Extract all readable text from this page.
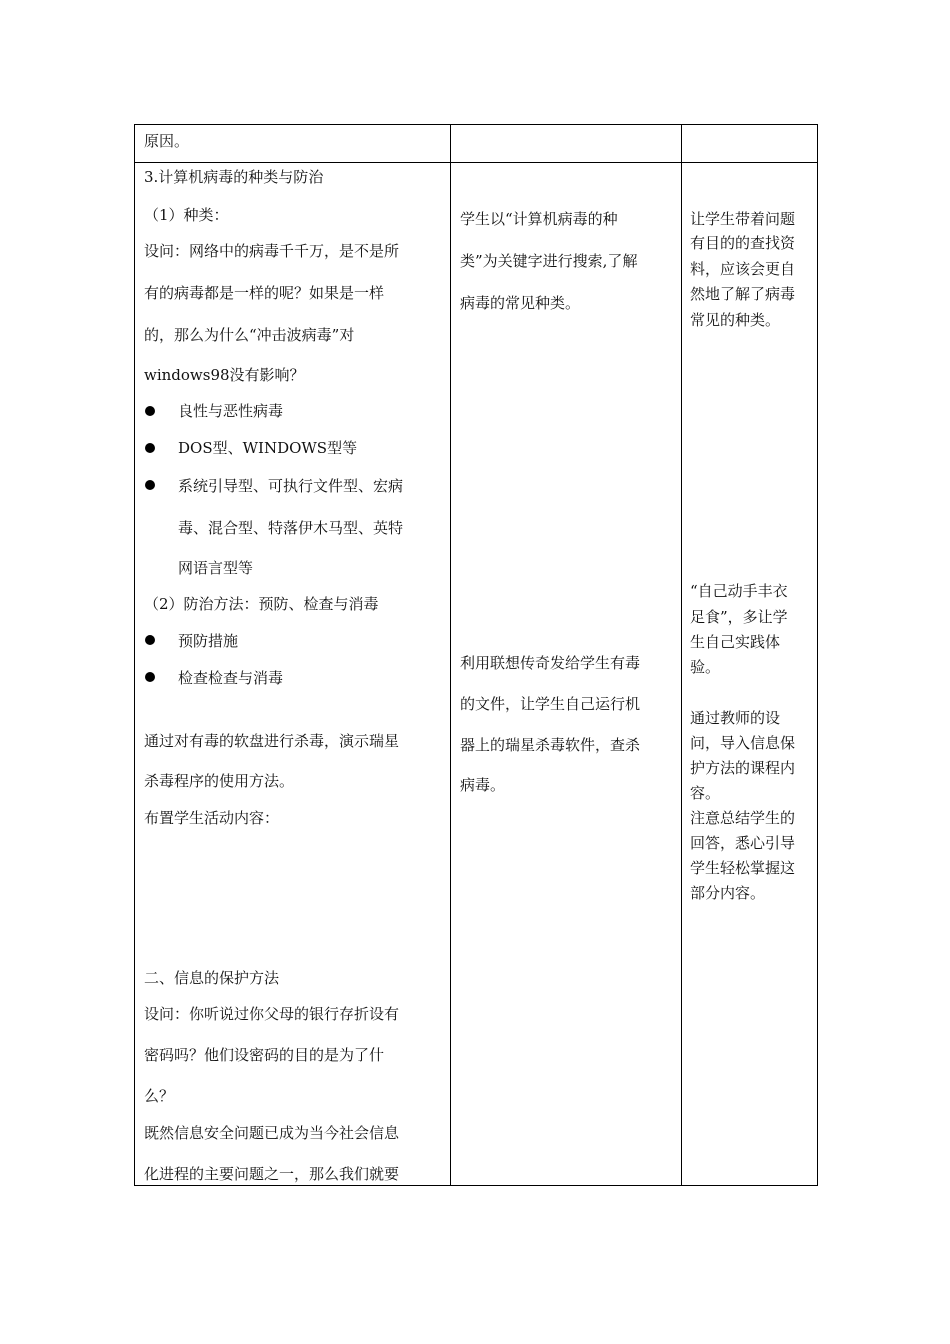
原因。
3.计算机病毒的种类与防治
（1）种类：
设问：网络中的病毒千千万，是不是所
有的病毒都是一样的呢？如果是一样
的，那么为什么“冲击波病毒”对
windows98没有影响？
良性与恶性病毒
DOS型、WINDOWS型等
系统引导型、可执行文件型、宏病
毒、混合型、特落伊木马型、英特
网语言型等
（2）防治方法：预防、检查与消毒
预防措施
检查检查与消毒
通过对有毒的软盘进行杀毒，演示瑞星
杀毒程序的使用方法。
布置学生活动内容：
二、信息的保护方法
设问：你听说过你父母的银行存折设有
密码吗？他们设密码的目的是为了什
么？
既然信息安全问题已成为当今社会信息
化进程的主要问题之一，那么我们就要
学生以“计算机病毒的种
类”为关键字进行搜索,了解
病毒的常见种类。
利用联想传奇发给学生有毒
的文件，让学生自己运行机
器上的瑞星杀毒软件，查杀
病毒。
让学生带着问题
有目的的查找资
料，应该会更自
然地了解了病毒
常见的种类。
“自己动手丰衣
足食”，多让学
生自己实践体
验。
通过教师的设
问，导入信息保
护方法的课程内
容。
注意总结学生的
回答，悉心引导
学生轻松掌握这
部分内容。
